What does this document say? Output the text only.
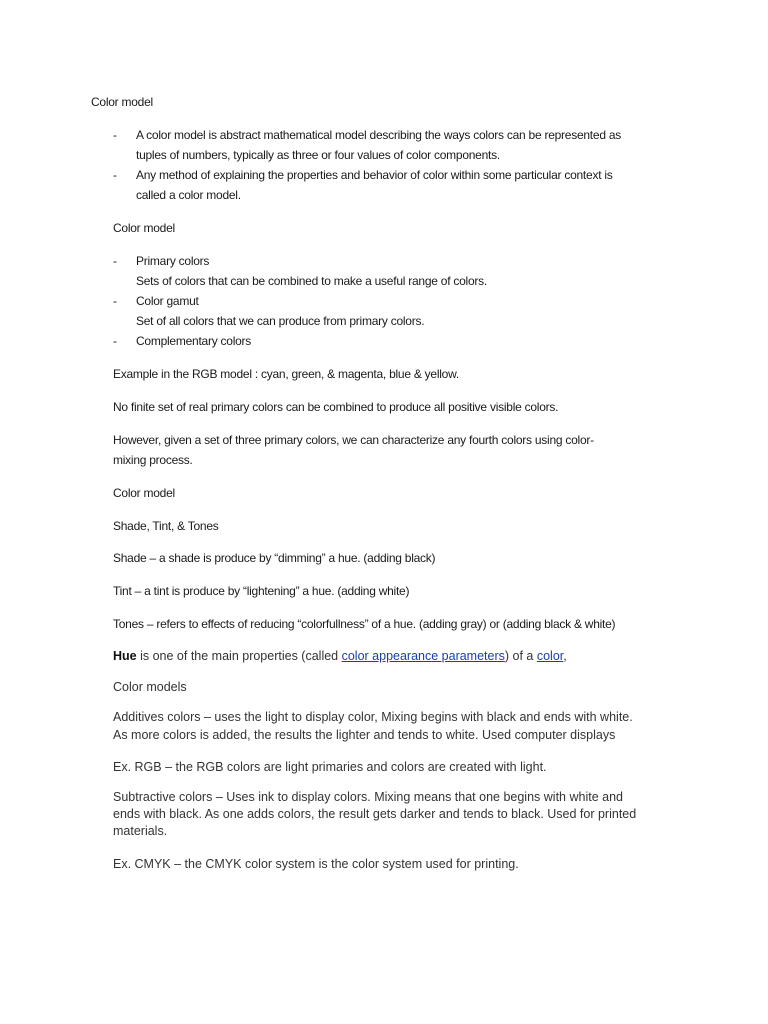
Color model
- A color model is abstract mathematical model describing the ways colors can be represented as
tuples of numbers, typically as three or four values of color components.
- Any method of explaining the properties and behavior of color within some particular context is
called a color model.
Color model
- Primary colors
Sets of colors that can be combined to make a useful range of colors.
- Color gamut
Set of all colors that we can produce from primary colors.
- Complementary colors
Example in the RGB model : cyan, green, & magenta, blue & yellow.
No finite set of real primary colors can be combined to produce all positive visible colors.
However, given a set of three primary colors, we can characterize any fourth colors using color-
mixing process.
Color model
Shade, Tint, & Tones
Shade – a shade is produce by “dimming” a hue. (adding black)
Tint – a tint is produce by “lightening” a hue. (adding white)
Tones – refers to effects of reducing “colorfullness” of a hue. (adding gray) or (adding black & white)
Hue is one of the main properties (called color appearance parameters) of a color,
Color models
Additives colors – uses the light to display color, Mixing begins with black and ends with white.
As more colors is added, the results the lighter and tends to white. Used computer displays
Ex. RGB – the RGB colors are light primaries and colors are created with light.
Subtractive colors – Uses ink to display colors. Mixing means that one begins with white and
ends with black. As one adds colors, the result gets darker and tends to black. Used for printed
materials.
Ex. CMYK – the CMYK color system is the color system used for printing.
